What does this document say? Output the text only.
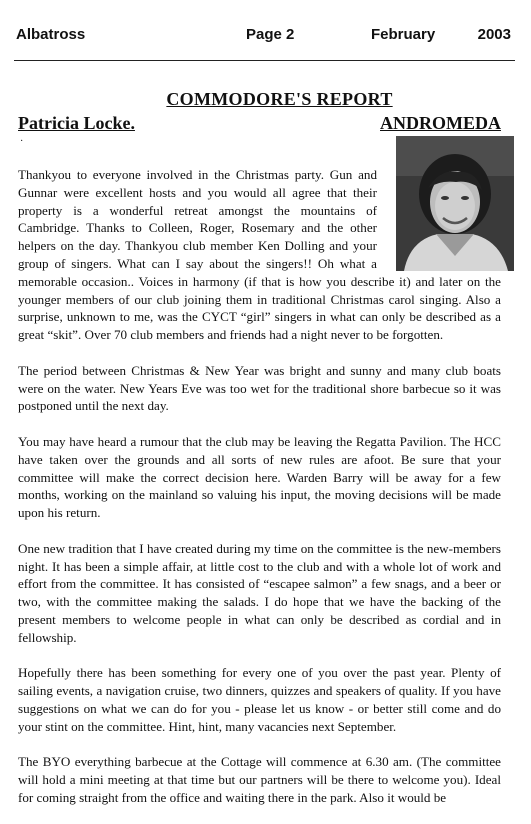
Albatross	Page 2	February	2003
COMMODORE'S REPORT
Patricia Locke.	ANDROMEDA
·

Thankyou to everyone involved in the Christmas party. Gun and Gunnar were excellent hosts and you would all agree that their property is a wonderful retreat amongst the mountains of Cambridge. Thanks to Colleen, Roger, Rosemary and the other helpers on the day. Thankyou club member Ken Dolling and your group of singers. What can I say about the singers!! Oh what a memorable occasion.. Voices in harmony (if that is how you describe it) and later on the younger members of our club joining them in traditional Christmas carol singing. Also a surprise, unknown to me, was the CYCT “girl” singers in what can only be described as a great “skit”. Over 70 club members and friends had a night never to be forgotten.

The period between Christmas & New Year was bright and sunny and many club boats were on the water. New Years Eve was too wet for the traditional shore barbecue so it was postponed until the next day.

You may have heard a rumour that the club may be leaving the Regatta Pavilion. The HCC have taken over the grounds and all sorts of new rules are afoot. Be sure that your committee will make the correct decision here. Warden Barry will be away for a few months, working on the mainland so valuing his input, the moving decisions will be made upon his return.

One new tradition that I have created during my time on the committee is the new-members night. It has been a simple affair, at little cost to the club and with a whole lot of work and effort from the committee. It has consisted of “escapee salmon” a few snags, and a beer or two, with the committee making the salads. I do hope that we have the backing of the present members to welcome people in what can only be described as cordial and in fellowship.

Hopefully there has been something for every one of you over the past year. Plenty of sailing events, a navigation cruise, two dinners, quizzes and speakers of quality. If you have suggestions on what we can do for you - please let us know - or better still come and do your stint on the committee. Hint, hint, many vacancies next September.

The BYO everything barbecue at the Cottage will commence at 6.30 am. (The committee will hold a mini meeting at that time but our partners will be there to welcome you). Ideal for coming straight from the office and waiting there in the park. Also it would be
